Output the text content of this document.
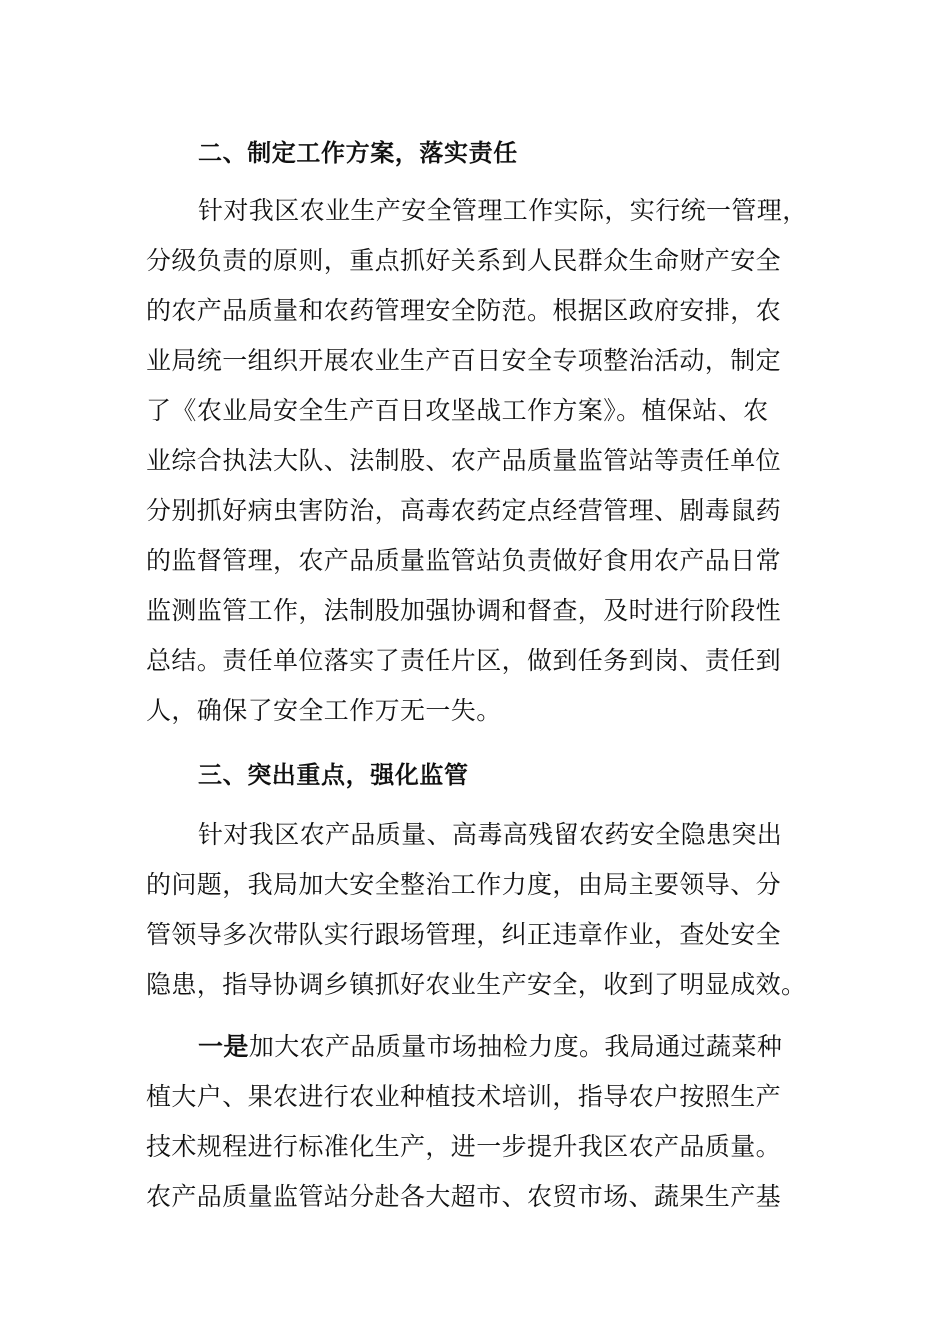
二、制定工作方案，落实责任
针对我区农业生产安全管理工作实际，实行统一管理，
分级负责的原则，重点抓好关系到人民群众生命财产安全
的农产品质量和农药管理安全防范。根据区政府安排，农
业局统一组织开展农业生产百日安全专项整治活动，制定
了《农业局安全生产百日攻坚战工作方案》。植保站、农
业综合执法大队、法制股、农产品质量监管站等责任单位
分别抓好病虫害防治，高毒农药定点经营管理、剧毒鼠药
的监督管理，农产品质量监管站负责做好食用农产品日常
监测监管工作，法制股加强协调和督查，及时进行阶段性
总结。责任单位落实了责任片区，做到任务到岗、责任到
人，确保了安全工作万无一失。
三、突出重点，强化监管
针对我区农产品质量、高毒高残留农药安全隐患突出
的问题，我局加大安全整治工作力度，由局主要领导、分
管领导多次带队实行跟场管理，纠正违章作业，查处安全
隐患，指导协调乡镇抓好农业生产安全，收到了明显成效。
一是加大农产品质量市场抽检力度。我局通过蔬菜种
植大户、果农进行农业种植技术培训，指导农户按照生产
技术规程进行标准化生产，进一步提升我区农产品质量。
农产品质量监管站分赴各大超市、农贸市场、蔬果生产基
